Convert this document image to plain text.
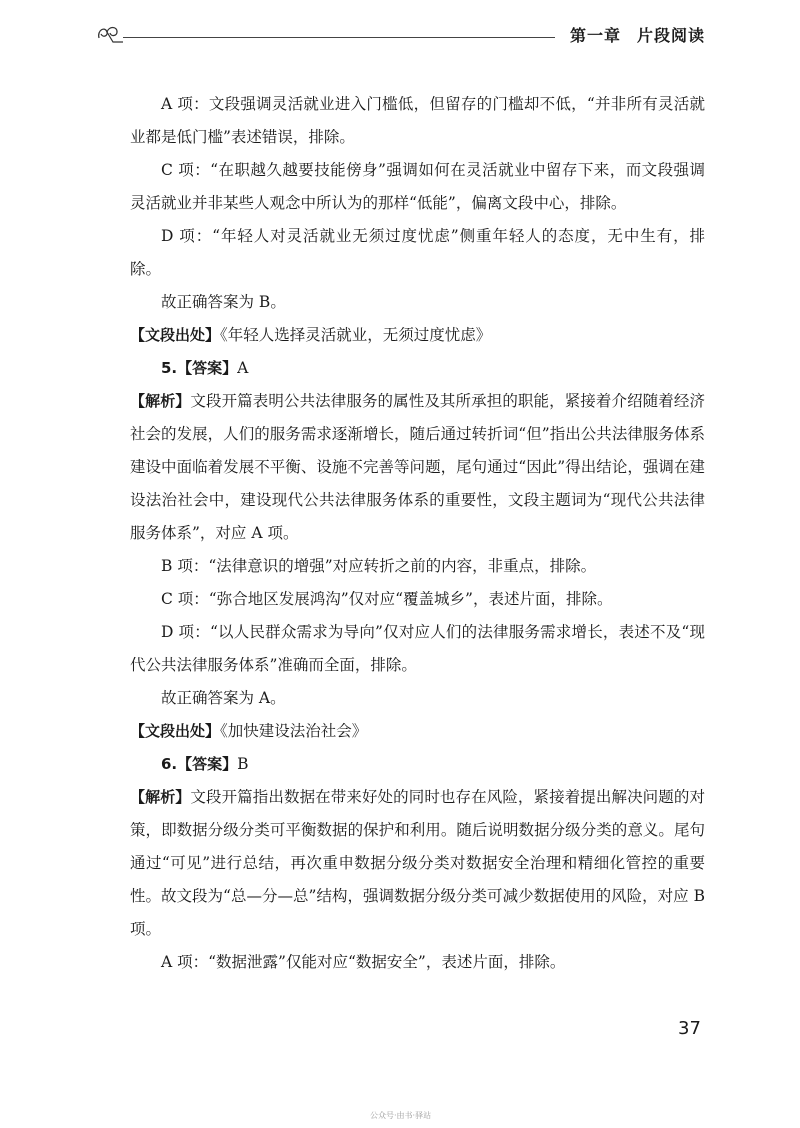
第一章 片段阅读

A 项：文段强调灵活就业进入门槛低，但留存的门槛却不低，“并非所有灵活就业都是低门槛”表述错误，排除。

C 项：“在职越久越要技能傍身”强调如何在灵活就业中留存下来，而文段强调灵活就业并非某些人观念中所认为的那样“低能”，偏离文段中心，排除。

D 项：“年轻人对灵活就业无须过度忧虑”侧重年轻人的态度，无中生有，排除。

故正确答案为 B。

【文段出处】《年轻人选择灵活就业，无须过度忧虑》

5.【答案】A

【解析】文段开篇表明公共法律服务的属性及其所承担的职能，紧接着介绍随着经济社会的发展，人们的服务需求逐渐增长，随后通过转折词“但”指出公共法律服务体系建设中面临着发展不平衡、设施不完善等问题，尾句通过“因此”得出结论，强调在建设法治社会中，建设现代公共法律服务体系的重要性，文段主题词为“现代公共法律服务体系”，对应 A 项。

B 项：“法律意识的增强”对应转折之前的内容，非重点，排除。

C 项：“弥合地区发展鸿沟”仅对应“覆盖城乡”，表述片面，排除。

D 项：“以人民群众需求为导向”仅对应人们的法律服务需求增长，表述不及“现代公共法律服务体系”准确而全面，排除。

故正确答案为 A。

【文段出处】《加快建设法治社会》

6.【答案】B

【解析】文段开篇指出数据在带来好处的同时也存在风险，紧接着提出解决问题的对策，即数据分级分类可平衡数据的保护和利用。随后说明数据分级分类的意义。尾句通过“可见”进行总结，再次重申数据分级分类对数据安全治理和精细化管控的重要性。故文段为“总—分—总”结构，强调数据分级分类可减少数据使用的风险，对应 B 项。

A 项：“数据泄露”仅能对应“数据安全”，表述片面，排除。

37
公众号·由书·驿站
